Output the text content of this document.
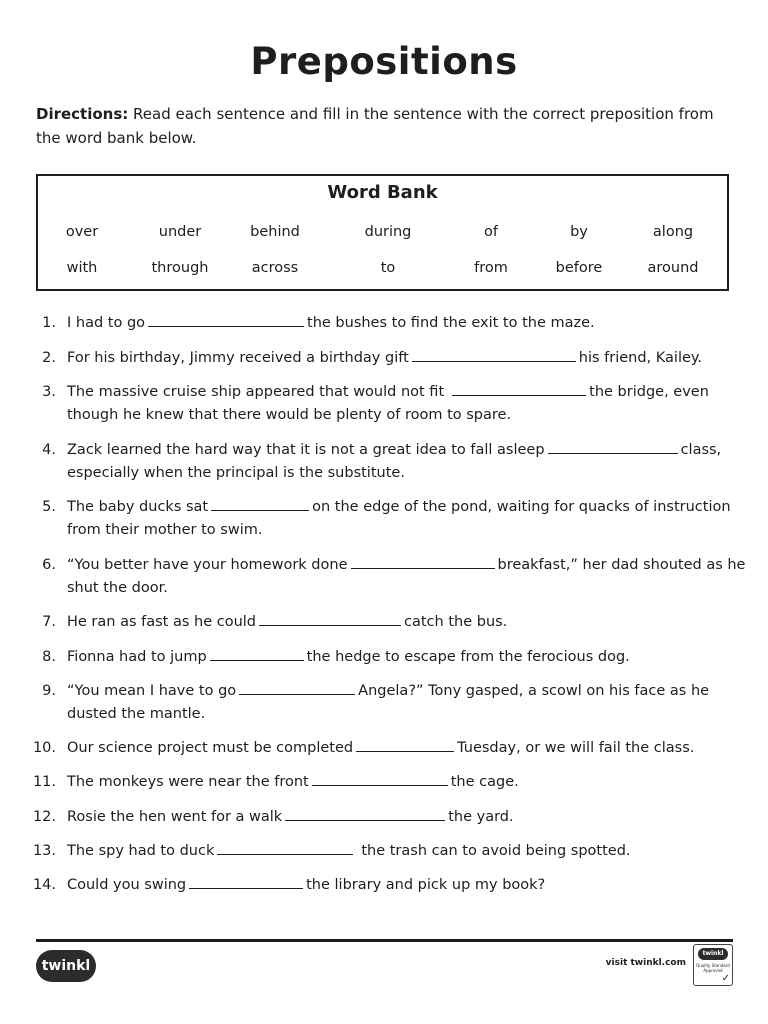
Prepositions
Directions: Read each sentence and fill in the sentence with the correct preposition from the word bank below.
Word Bank
over	under	behind	during	of	by	along
with	through	across	to	from	before	around
1. I had to go	the bushes to find the exit to the maze.
2. For his birthday, Jimmy received a birthday gift	his friend, Kailey.
3. The massive cruise ship appeared that would not fit	the bridge, even
though he knew that there would be plenty of room to spare.
4. Zack learned the hard way that it is not a great idea to fall asleep	class,
especially when the principal is the substitute.
5. The baby ducks sat	on the edge of the pond, waiting for quacks of instruction
from their mother to swim.
6. “You better have your homework done	breakfast,” her dad shouted as he
shut the door.
7. He ran as fast as he could	catch the bus.
8. Fionna had to jump	the hedge to escape from the ferocious dog.
9. “You mean I have to go	Angela?” Tony gasped, a scowl on his face as he
dusted the mantle.
10. Our science project must be completed	Tuesday, or we will fail the class.
11. The monkeys were near the front	the cage.
12. Rosie the hen went for a walk	the yard.
13. The spy had to duck	the trash can to avoid being spotted.
14. Could you swing	the library and pick up my book?
twinkl	visit twinkl.com
twinkl
Quality Standard Approved
✓
